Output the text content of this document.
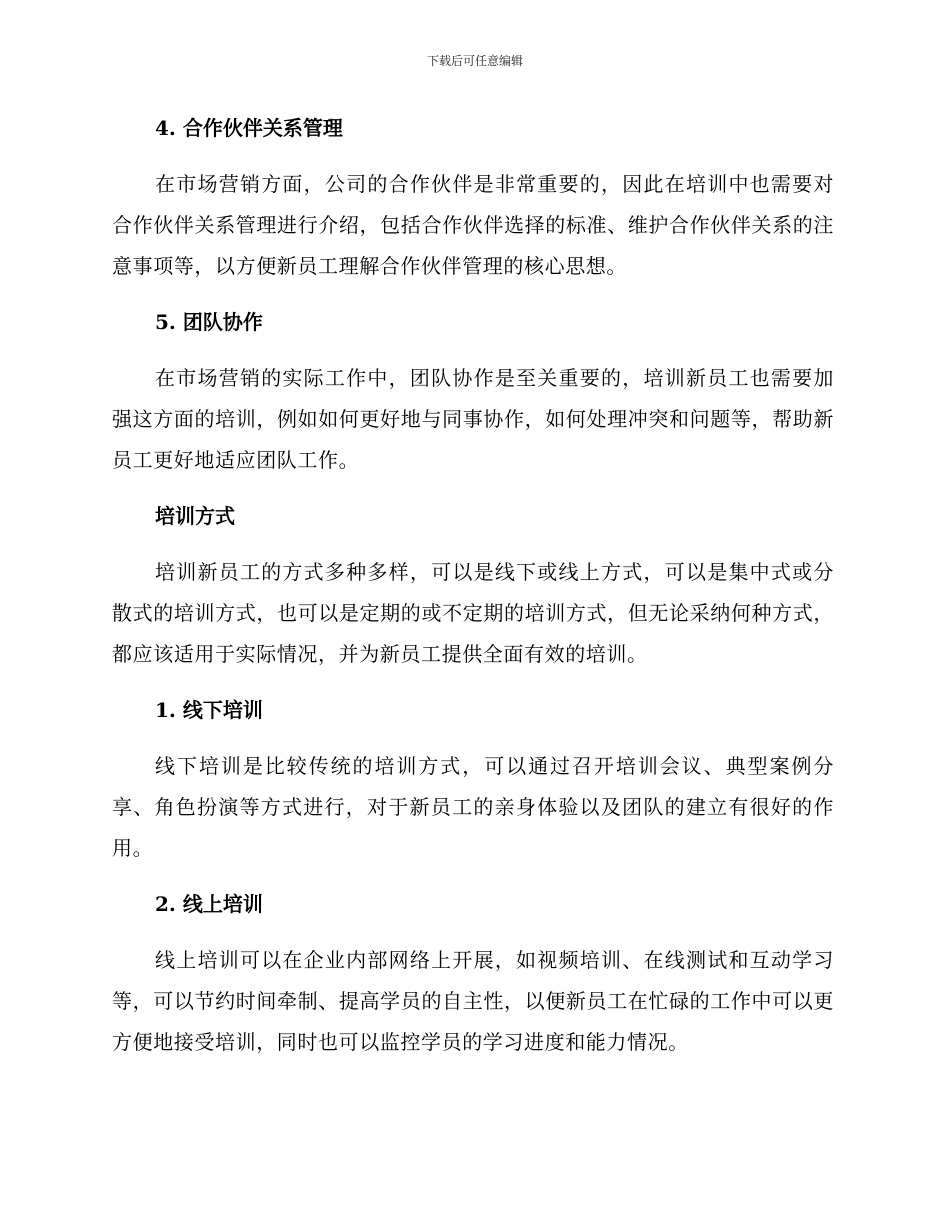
下载后可任意编辑
4. 合作伙伴关系管理

在市场营销方面，公司的合作伙伴是非常重要的，因此在培训中也需要对合作伙伴关系管理进行介绍，包括合作伙伴选择的标准、维护合作伙伴关系的注意事项等，以方便新员工理解合作伙伴管理的核心思想。

5. 团队协作

在市场营销的实际工作中，团队协作是至关重要的，培训新员工也需要加强这方面的培训，例如如何更好地与同事协作，如何处理冲突和问题等，帮助新员工更好地适应团队工作。

培训方式

培训新员工的方式多种多样，可以是线下或线上方式，可以是集中式或分散式的培训方式，也可以是定期的或不定期的培训方式，但无论采纳何种方式，都应该适用于实际情况，并为新员工提供全面有效的培训。

1. 线下培训

线下培训是比较传统的培训方式，可以通过召开培训会议、典型案例分享、角色扮演等方式进行，对于新员工的亲身体验以及团队的建立有很好的作用。

2. 线上培训

线上培训可以在企业内部网络上开展，如视频培训、在线测试和互动学习等，可以节约时间牵制、提高学员的自主性，以便新员工在忙碌的工作中可以更方便地接受培训，同时也可以监控学员的学习进度和能力情况。
